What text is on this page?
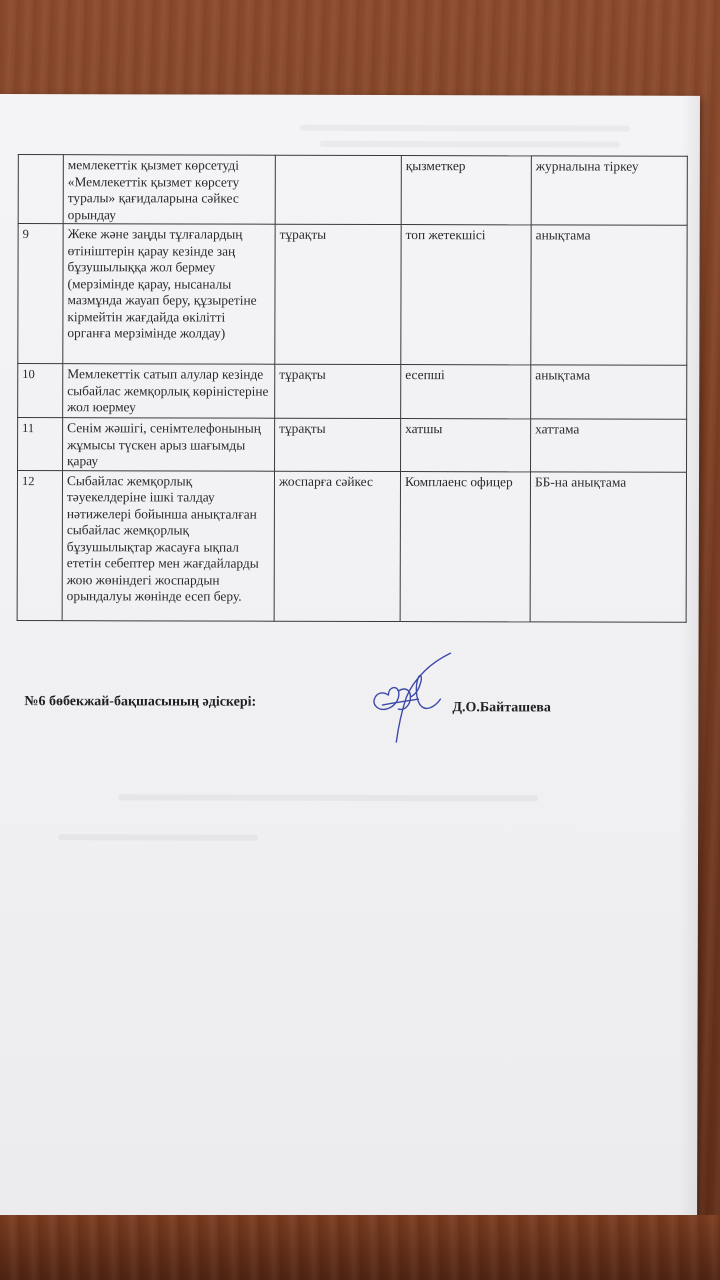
	мемлекеттік қызмет көрсетуді «Мемлекеттік қызмет көрсету туралы» қағидаларына сәйкес орындау		қызметкер	журналына тіркеу
9	Жеке және заңды тұлғалардың өтініштерін қарау кезінде заң бұзушылыққа жол бермеу (мерзімінде қарау, нысаналы мазмұнда жауап беру, құзыретіне кірмейтін жағдайда өкілітті органға мерзімінде жолдау)	тұрақты	топ жетекшісі	анықтама
10	Мемлекеттік сатып алулар кезінде сыбайлас жемқорлық көріністеріне жол юермеу	тұрақты	есепші	анықтама
11	Сенім жәшігі, сенімтелефонының жұмысы түскен арыз шағымды қарау	тұрақты	хатшы	хаттама
12	Сыбайлас жемқорлық тәуекелдеріне ішкі талдау нәтижелері бойынша анықталған сыбайлас жемқорлық бұзушылықтар жасауға ықпал ететін себептер мен жағдайларды жою жөніндегі жоспардын орындалуы жөнінде есеп беру.	жоспарға сәйкес	Комплаенс офицер	ББ-на анықтама
№6 бөбекжай-бақшасының әдіскері:	Д.О.Байташева
